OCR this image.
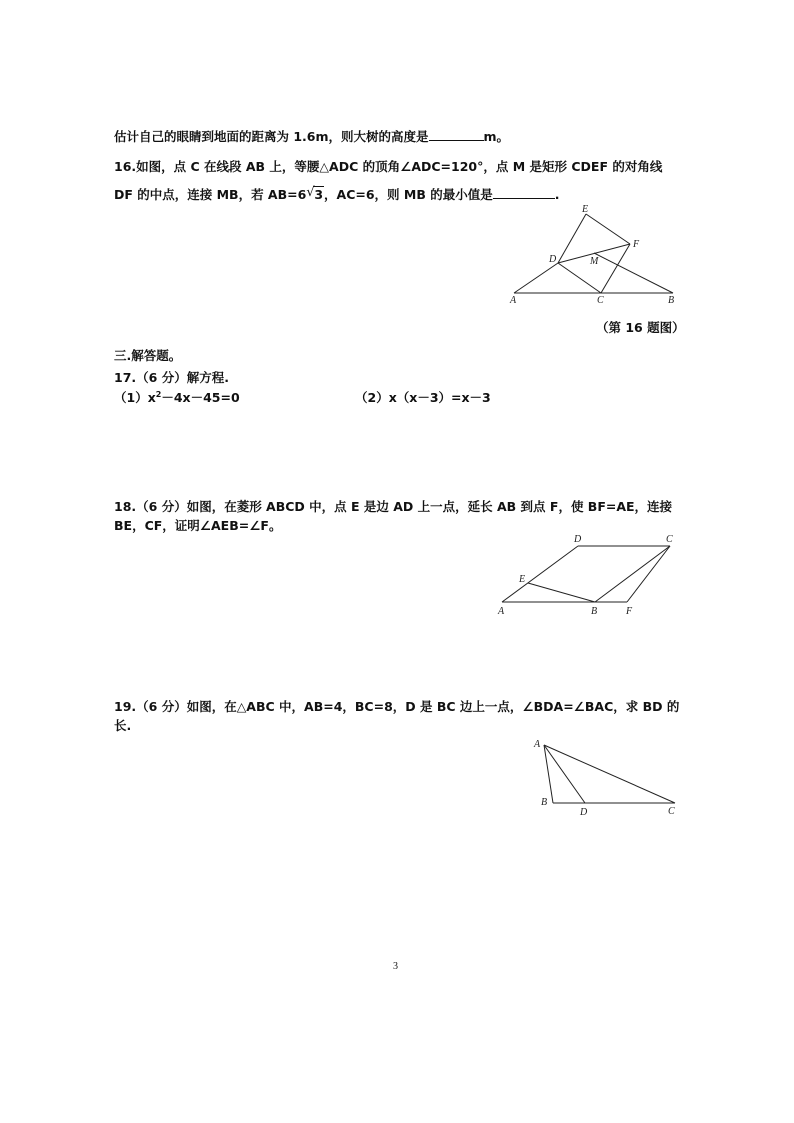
估计自己的眼睛到地面的距离为 1.6m，则大树的高度是	m。
16.如图，点 C 在线段 AB 上，等腰△ADC 的顶角∠ADC=120°，点 M 是矩形 CDEF 的对角线
DF 的中点，连接 MB，若 AB=6 √ 3，AC=6，则 MB 的最小值是	.
E
F
D	M
A	C	B
（第 16 题图）
三.解答题。
17.（6 分）解方程.
$(1)x^2-4x-45=0$	（2）x（x－3）=x－3
18.（6 分）如图，在菱形 ABCD 中，点 E 是边 AD 上一点，延长 AB 到点 F，使 BF=AE，连接
BE，CF，证明∠AEB=∠F。
D	C
E
A	B	F
19.（6 分）如图，在△ABC 中，AB=4，BC=8，D 是 BC 边上一点，∠BDA=∠BAC，求 BD 的
长.
A
B
D	C
3
